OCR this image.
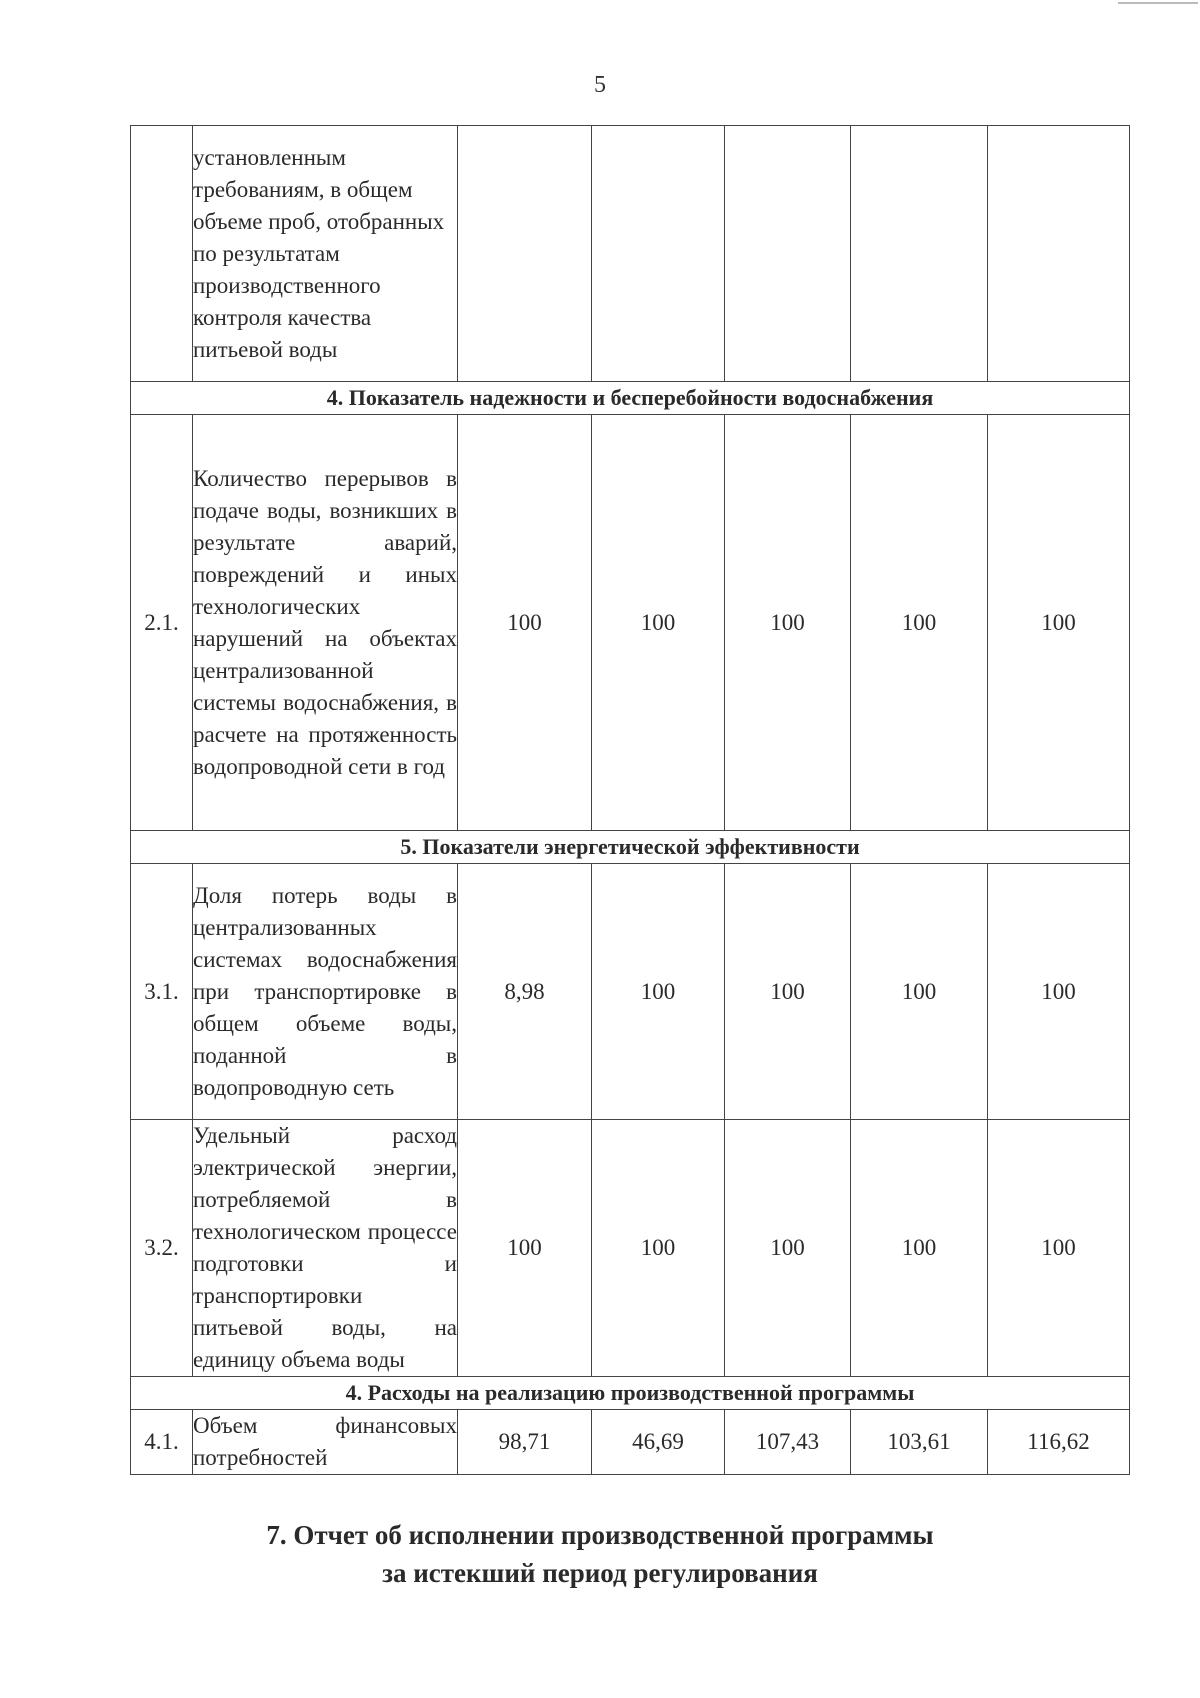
5
	установленным требованиям, в общем объеме проб, отобранных по результатам производственного контроля качества питьевой воды					
4. Показатель надежности и бесперебойности водоснабжения						
2.1.	Количество перерывов в подаче воды, возникших в результате аварий, повреждений и иных технологических нарушений на объектах централизованной системы водоснабжения, в расчете на протяженность водопроводной сети в год	100	100	100	100	100
5. Показатели энергетической эффективности						
3.1.	Доля потерь воды в централизованных системах водоснабжения при транспортировке в общем объеме воды, поданной в водопроводную сеть	8,98	100	100	100	100
3.2.	Удельный расход электрической энергии, потребляемой в технологическом процессе подготовки и транспортировки питьевой воды, на единицу объема воды	100	100	100	100	100
4. Расходы на реализацию производственной программы						
4.1.	Объем финансовых потребностей	98,71	46,69	107,43	103,61	116,62
7. Отчет об исполнении производственной программы
за истекший период регулирования
